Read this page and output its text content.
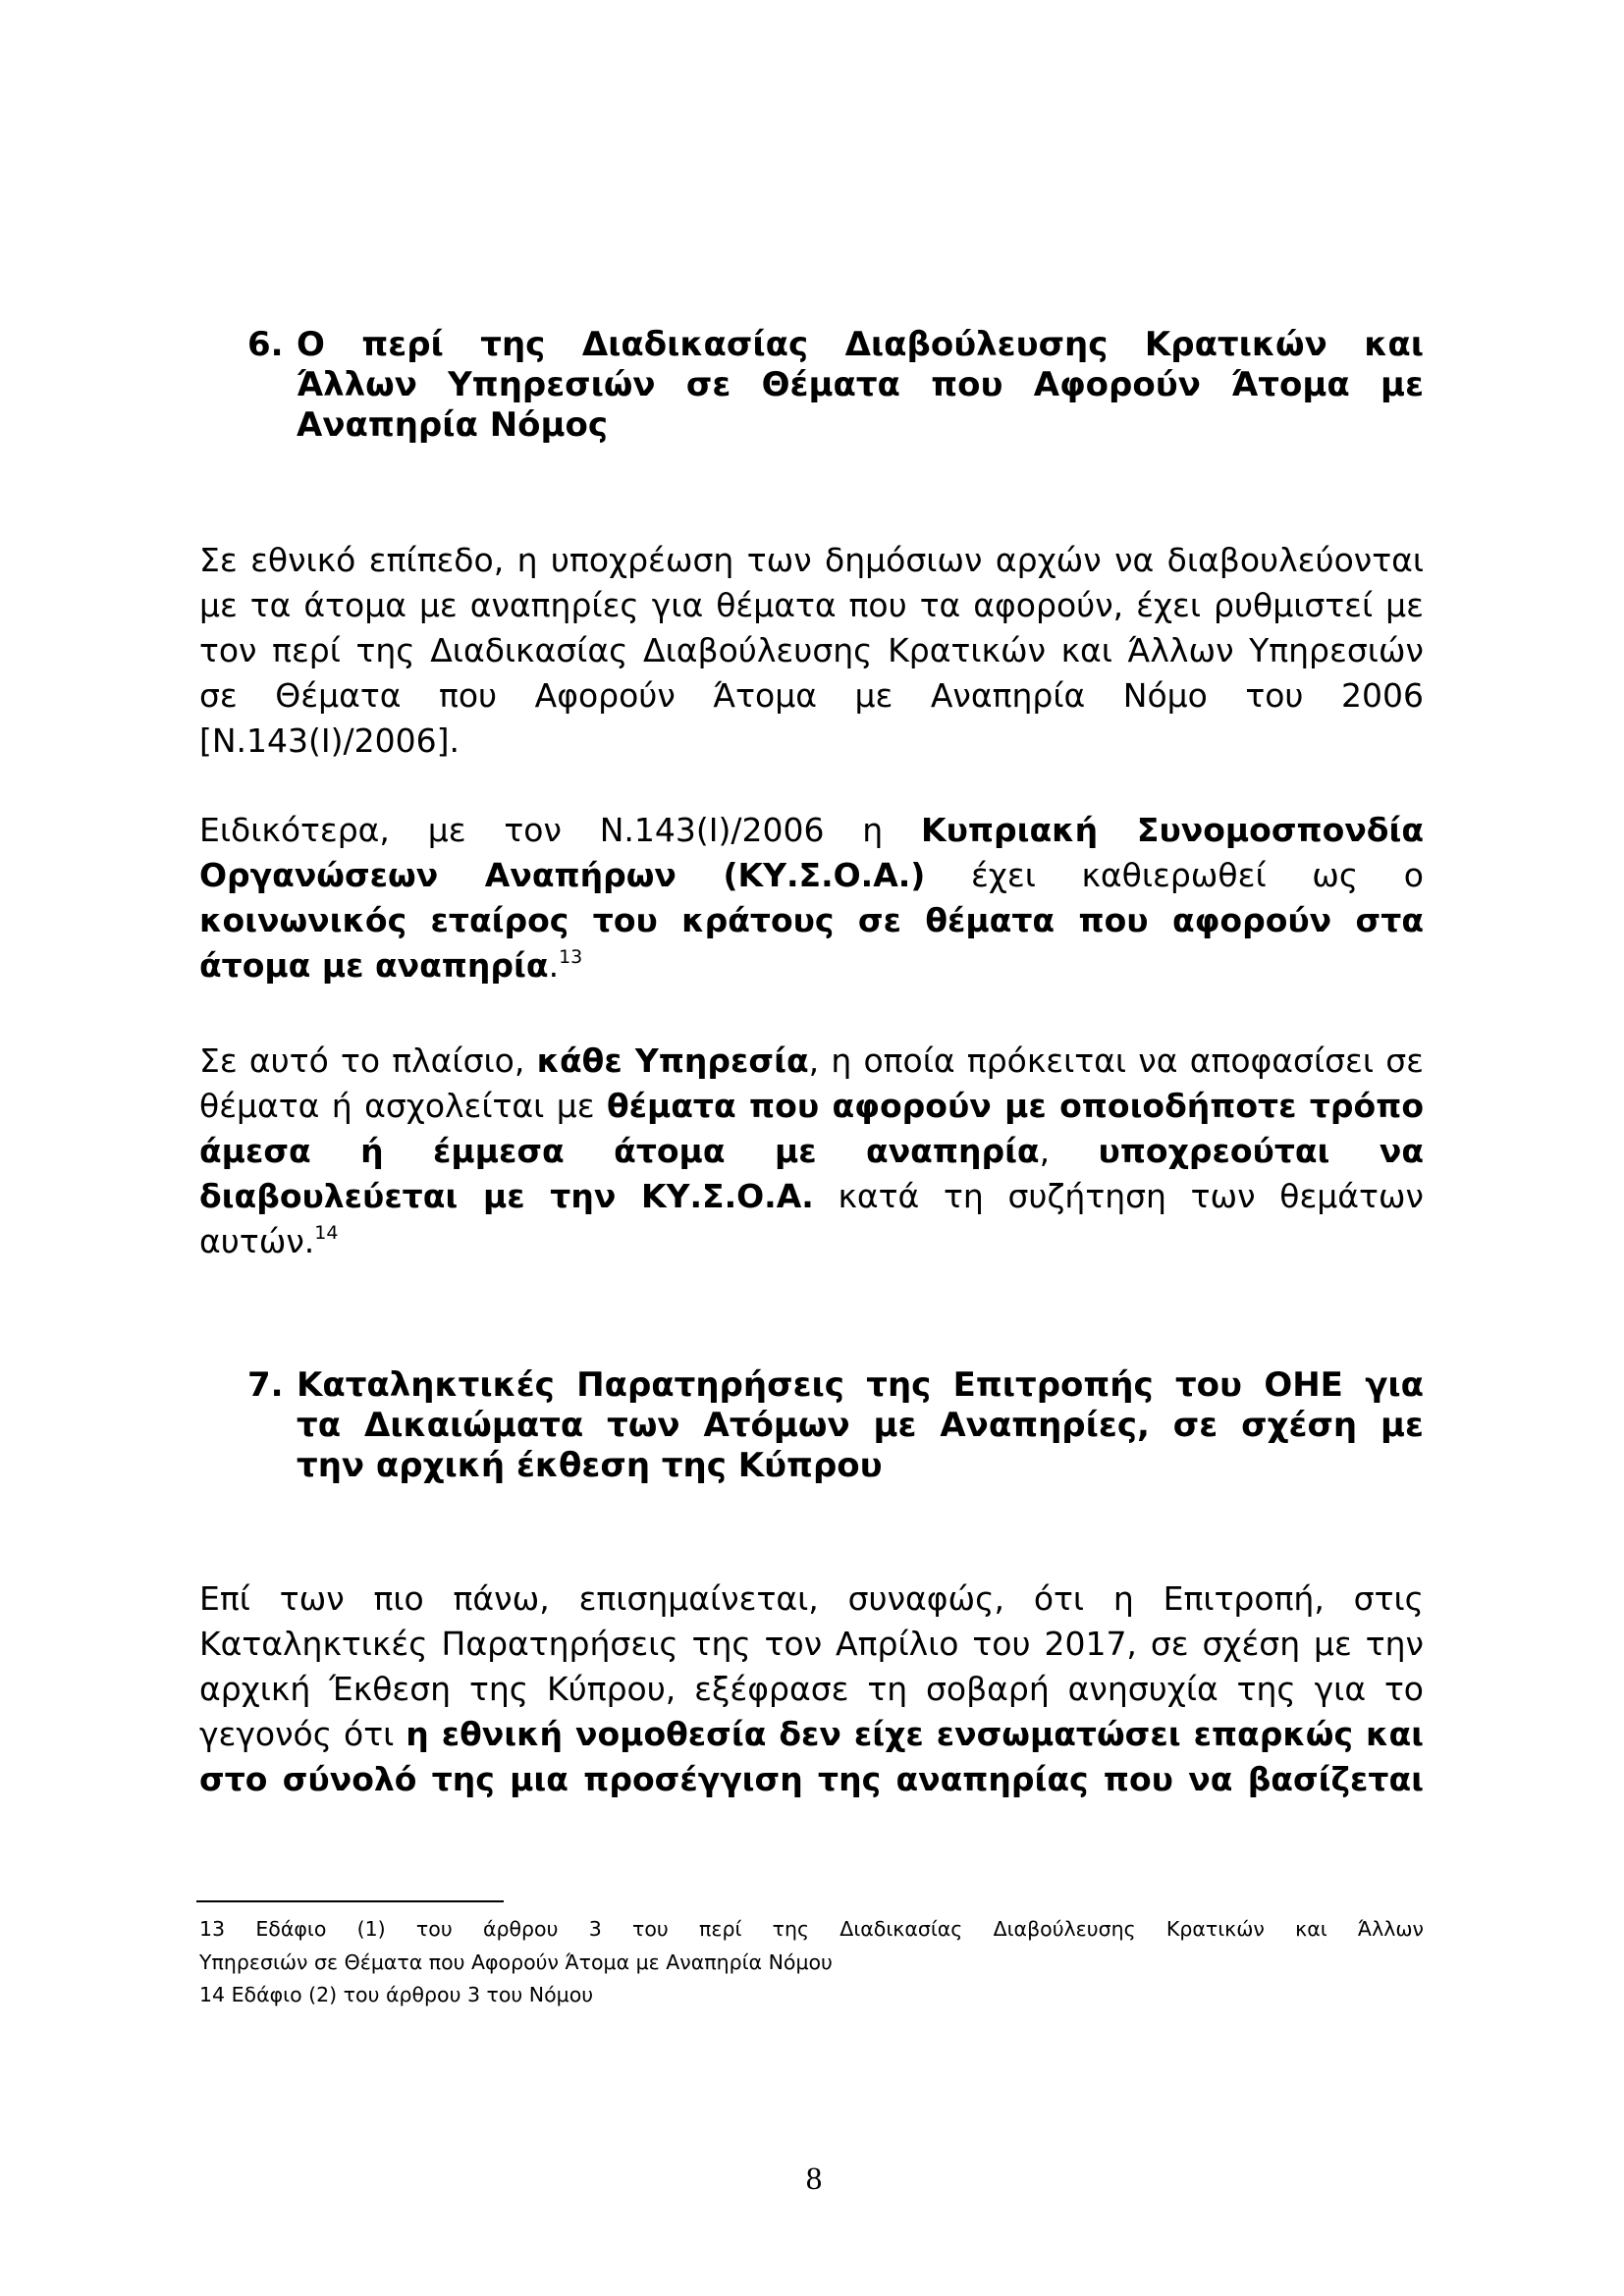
6. Ο περί της Διαδικασίας Διαβούλευσης Κρατικών και
Άλλων Υπηρεσιών σε Θέματα που Αφορούν Άτομα με
Αναπηρία Νόμος
Σε εθνικό επίπεδο, η υποχρέωση των δημόσιων αρχών να διαβουλεύονται
με τα άτομα με αναπηρίες για θέματα που τα αφορούν, έχει ρυθμιστεί με
τον περί της Διαδικασίας Διαβούλευσης Κρατικών και Άλλων Υπηρεσιών
σε Θέματα που Αφορούν Άτομα με Αναπηρία Νόμο του 2006
[Ν.143(Ι)/2006].
Ειδικότερα, με τον Ν.143(Ι)/2006 η Κυπριακή Συνομοσπονδία
Οργανώσεων Αναπήρων (ΚΥ.Σ.Ο.Α.) έχει καθιερωθεί ως ο
κοινωνικός εταίρος του κράτους σε θέματα που αφορούν στα
άτομα με αναπηρία.$^{13}$
Σε αυτό το πλαίσιο, κάθε Υπηρεσία, η οποία πρόκειται να αποφασίσει σε
θέματα ή ασχολείται με θέματα που αφορούν με οποιοδήποτε τρόπο
άμεσα ή έμμεσα άτομα με αναπηρία, υποχρεούται να
διαβουλεύεται με την ΚΥ.Σ.Ο.Α. κατά τη συζήτηση των θεμάτων
αυτών.$^{14}$
7. Καταληκτικές Παρατηρήσεις της Επιτροπής του ΟΗΕ για
τα Δικαιώματα των Ατόμων με Αναπηρίες, σε σχέση με
την αρχική έκθεση της Κύπρου
Επί των πιο πάνω, επισημαίνεται, συναφώς, ότι η Επιτροπή, στις
Καταληκτικές Παρατηρήσεις της τον Απρίλιο του 2017, σε σχέση με την
αρχική Έκθεση της Κύπρου, εξέφρασε τη σοβαρή ανησυχία της για το
γεγονός ότι η εθνική νομοθεσία δεν είχε ενσωματώσει επαρκώς και
στο σύνολό της μια προσέγγιση της αναπηρίας που να βασίζεται
13 Εδάφιο (1) του άρθρου 3 του περί της Διαδικασίας Διαβούλευσης Κρατικών και Άλλων
Υπηρεσιών σε Θέματα που Αφορούν Άτομα με Αναπηρία Νόμου
14 Εδάφιο (2) του άρθρου 3 του Νόμου
8
